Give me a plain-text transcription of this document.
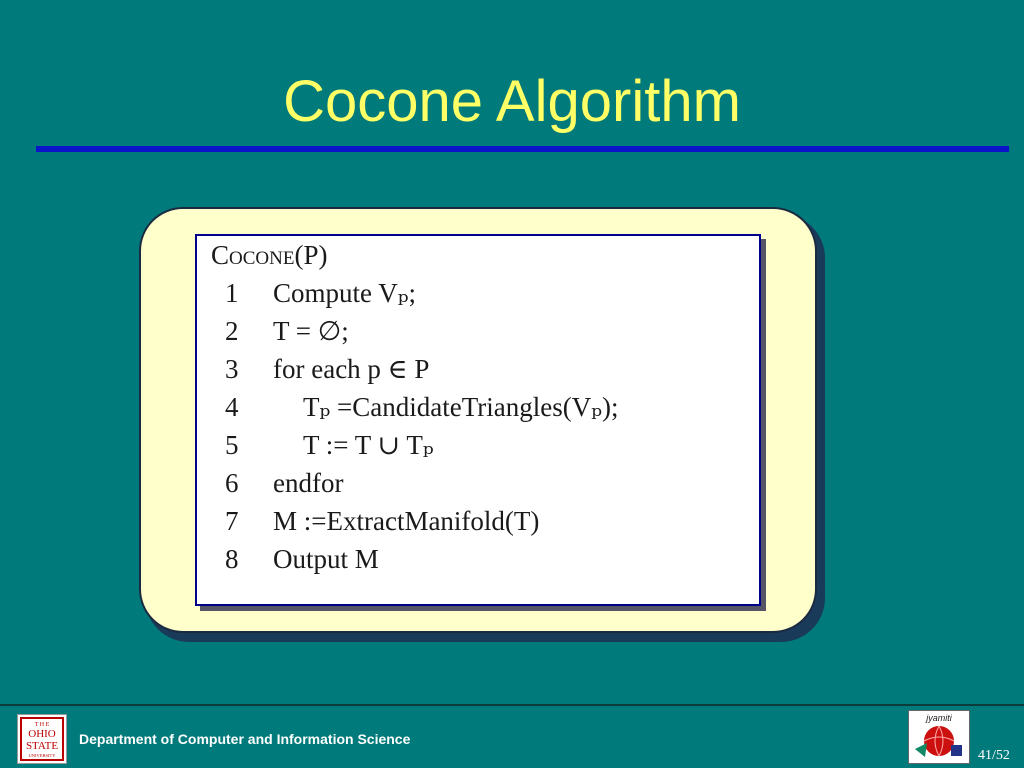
Cocone Algorithm
Cocone(P)
1	Compute Vₚ;
2	T = ∅;
3	for each p ∈ P
4	Tₚ =CandidateTriangles(Vₚ);
5	T := T ∪ Tₚ
6	endfor
7	M :=ExtractManifold(T)
8	Output M
T H E
OHIO
STATE
UNIVERSITY
Department of Computer and Information Science
jyamiti
41/52
